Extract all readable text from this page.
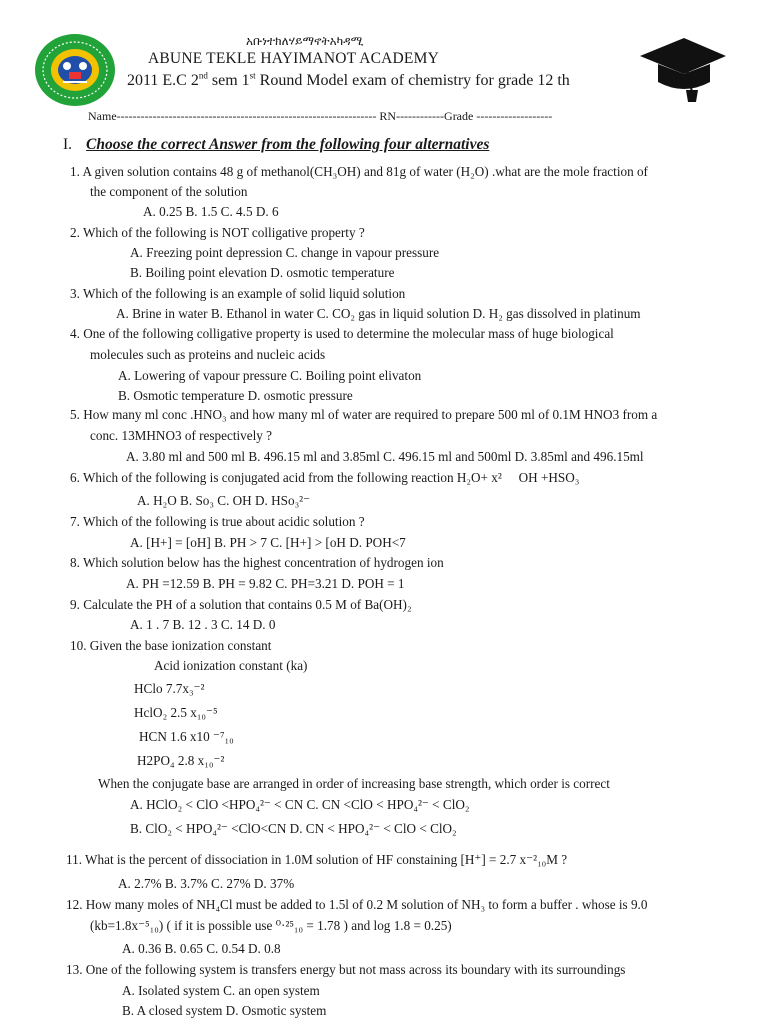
አቡነተክለሃይማኖትአካዳሚ
ABUNE TEKLE HAYIMANOT ACADEMY
2011 E.C 2nd sem 1st Round Model exam of chemistry for grade 12 th
Name----------------------------------------------------------------- RN------------Grade -------------------
I. Choose the correct Answer from the following four alternatives
1. A given solution contains 48 g of methanol(CH₃OH) and 81g of water (H₂O) .what are the mole fraction of
the component of the solution
A. 0.25 B. 1.5 C. 4.5 D. 6
2. Which of the following is NOT colligative property ?
A. Freezing point depression C. change in vapour pressure
B. Boiling point elevation D. osmotic temperature
3. Which of the following is an example of solid liquid solution
A. Brine in water B. Ethanol in water C. CO₂ gas in liquid solution D. H₂ gas dissolved in platinum
4. One of the following colligative property is used to determine the molecular mass of huge biological
molecules such as proteins and nucleic acids
A. Lowering of vapour pressure C. Boiling point elivaton
B. Osmotic temperature D. osmotic pressure
5. How many ml conc .HNO₃ and how many ml of water are required to prepare 500 ml of 0.1M HNO3 from a
conc. 13MHNO3 of respectively ?
A. 3.80 ml and 500 ml B. 496.15 ml and 3.85ml C. 496.15 ml and 500ml D. 3.85ml and 496.15ml
6. Which of the following is conjugated acid from the following reaction H₂O+ x² ⃞ OH +HSO₃
A. H₂O B. So₃ C. OH D. HSo₃²⁻
7. Which of the following is true about acidic solution ?
A. [H+] = [oH] B. PH > 7 C. [H+] > [oH D. POH<7
8. Which solution below has the highest concentration of hydrogen ion
A. PH =12.59 B. PH = 9.82 C. PH=3.21 D. POH = 1
9. Calculate the PH of a solution that contains 0.5 M of Ba(OH)₂
A. 1 . 7 B. 12 . 3 C. 14 D. 0
10. Given the base ionization constant
Acid ionization constant (ka)
HClo 7.7x₃⁻²
HclO₂ 2.5 x₁₀⁻⁵
HCN 1.6 x10 ⁻⁷₁₀
H2PO₄ 2.8 x₁₀⁻²
When the conjugate base are arranged in order of increasing base strength, which order is correct
A. HClO₂ < ClO <HPO₄²⁻ < CN C. CN <ClO < HPO₄²⁻ < ClO₂
B. ClO₂ < HPO₄²⁻ <ClO<CN D. CN < HPO₄²⁻ < ClO < ClO₂
11. What is the percent of dissociation in 1.0M solution of HF constaining [H⁺] = 2.7 x⁻²₁₀M ?
A. 2.7% B. 3.7% C. 27% D. 37%
12. How many moles of NH₄Cl must be added to 1.5l of 0.2 M solution of NH₃ to form a buffer . whose is 9.0
(kb=1.8x⁻⁵₁₀) ( if it is possible use ⁰·²⁵₁₀ = 1.78 ) and log 1.8 = 0.25)
A. 0.36 B. 0.65 C. 0.54 D. 0.8
13. One of the following system is transfers energy but not mass across its boundary with its surroundings
A. Isolated system C. an open system
B. A closed system D. Osmotic system
